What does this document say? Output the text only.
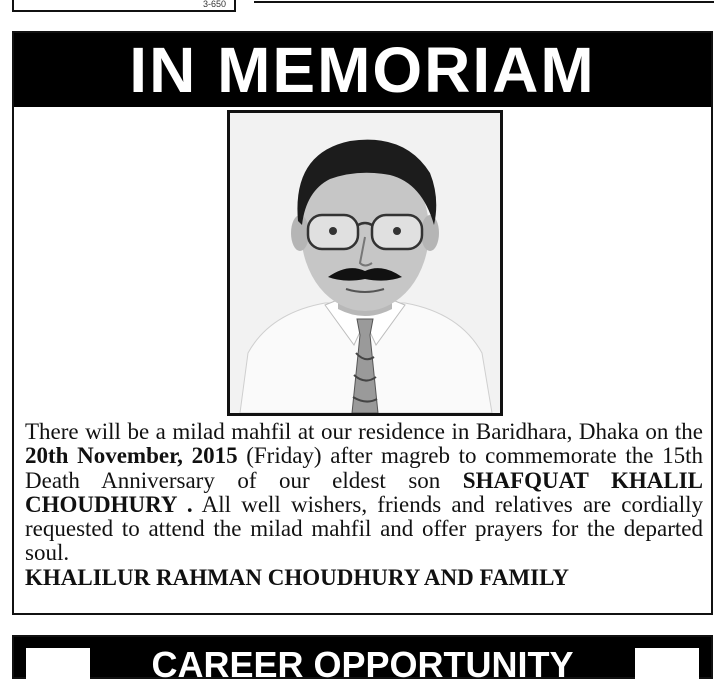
3-650
IN MEMORIAM

There will be a milad mahfil at our residence in Baridhara, Dhaka on the 20th November, 2015 (Friday) after magreb to commemorate the 15th Death Anniversary of our eldest son SHAFQUAT KHALIL CHOUDHURY . All well wishers, friends and relatives are cordially requested to attend the milad mahfil and offer prayers for the departed soul.

KHALILUR RAHMAN CHOUDHURY AND FAMILY

CAREER OPPORTUNITY
